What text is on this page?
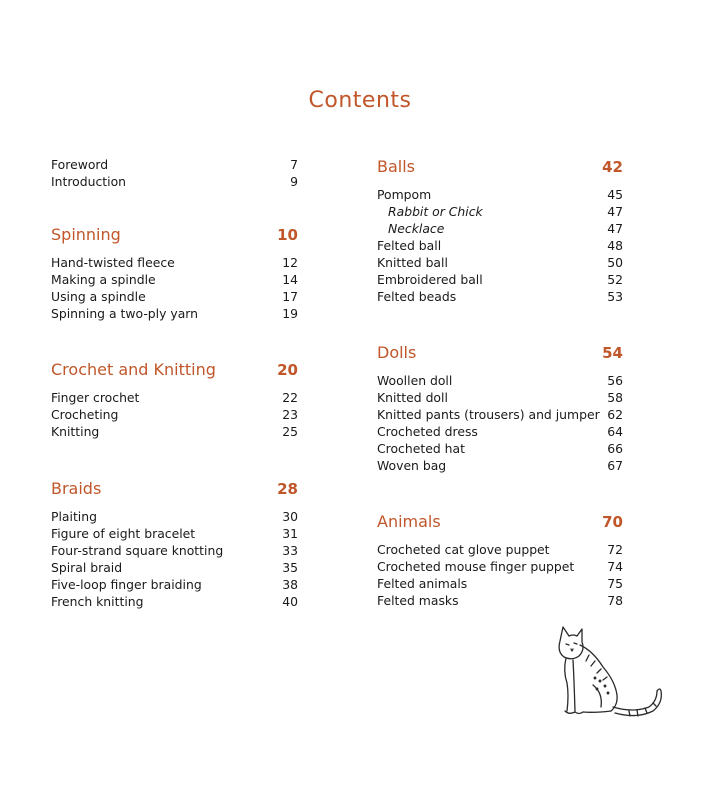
Contents
Foreword	7
Introduction	9
Spinning	10
Hand-twisted fleece	12
Making a spindle	14
Using a spindle	17
Spinning a two-ply yarn	19
Crochet and Knitting	20
Finger crochet	22
Crocheting	23
Knitting	25
Braids	28
Plaiting	30
Figure of eight bracelet	31
Four-strand square knotting	33
Spiral braid	35
Five-loop finger braiding	38
French knitting	40
Balls	42
Pompom	45
Rabbit or Chick	47
Necklace	47
Felted ball	48
Knitted ball	50
Embroidered ball	52
Felted beads	53
Dolls	54
Woollen doll	56
Knitted doll	58
Knitted pants (trousers) and jumper 62
Crocheted dress	64
Crocheted hat	66
Woven bag	67
Animals	70
Crocheted cat glove puppet	72
Crocheted mouse finger puppet	74
Felted animals	75
Felted masks	78
